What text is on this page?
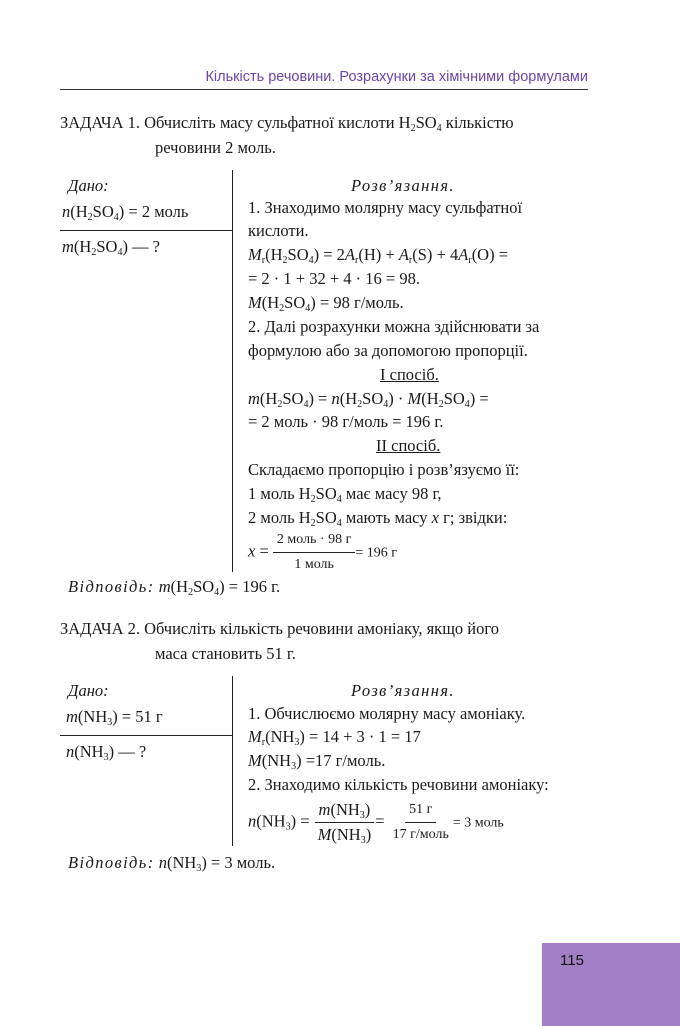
Кількість речовини. Розрахунки за хімічними формулами
ЗАДАЧА 1. Обчисліть масу сульфатної кислоти $H_2SO_4$ кількістю
речовини 2 моль.
Дано:
$n(H_2SO_4) = 2$ моль
$m(H_2SO_4)$ — ?
Розв’язання.
1. Знаходимо молярну масу сульфатної
кислоти.
$M_r(H_2SO_4) = 2A_r(H) + A_r(S) + 4A_r(O)$ =
= 2 · 1 + 32 + 4 · 16 = 98.
$M(H_2SO_4) = 98$ г/моль.
2. Далі розрахунки можна здійснювати за
формулою або за допомогою пропорції.
І спосіб.
$m(H_2SO_4) = n(H_2SO_4) \cdot M(H_2SO_4)$ =
= 2 моль · 98 г/моль = 196 г.
ІІ спосіб.
Складаємо пропорцію і розв’язуємо її:
1 моль $H_2SO_4$ має масу 98 г,
2 моль $H_2SO_4$ мають масу x г; звідки:
$x = \frac{\text{2 моль · 98 г}}{\text{1 моль}} = 196$ г
Відповідь: $m(H_2SO_4) = 196$ г.
ЗАДАЧА 2. Обчисліть кількість речовини амоніаку, якщо його
маса становить 51 г.
Дано:
$m(NH_3) = 51$ г
$n(NH_3)$ — ?
Розв’язання.
1. Обчислюємо молярну масу амоніаку.
$M_r(NH_3) = 14 + 3 \cdot 1 = 17$
$M(NH_3) =17$ г/моль.
2. Знаходимо кількість речовини амоніаку:
$n(NH_3) = \frac{m(NH_3)}{M(NH_3)} = \frac{51 г}{\text{17 г/моль}} = 3$ моль
Відповідь: $n(NH_3) = 3$ моль.
115
